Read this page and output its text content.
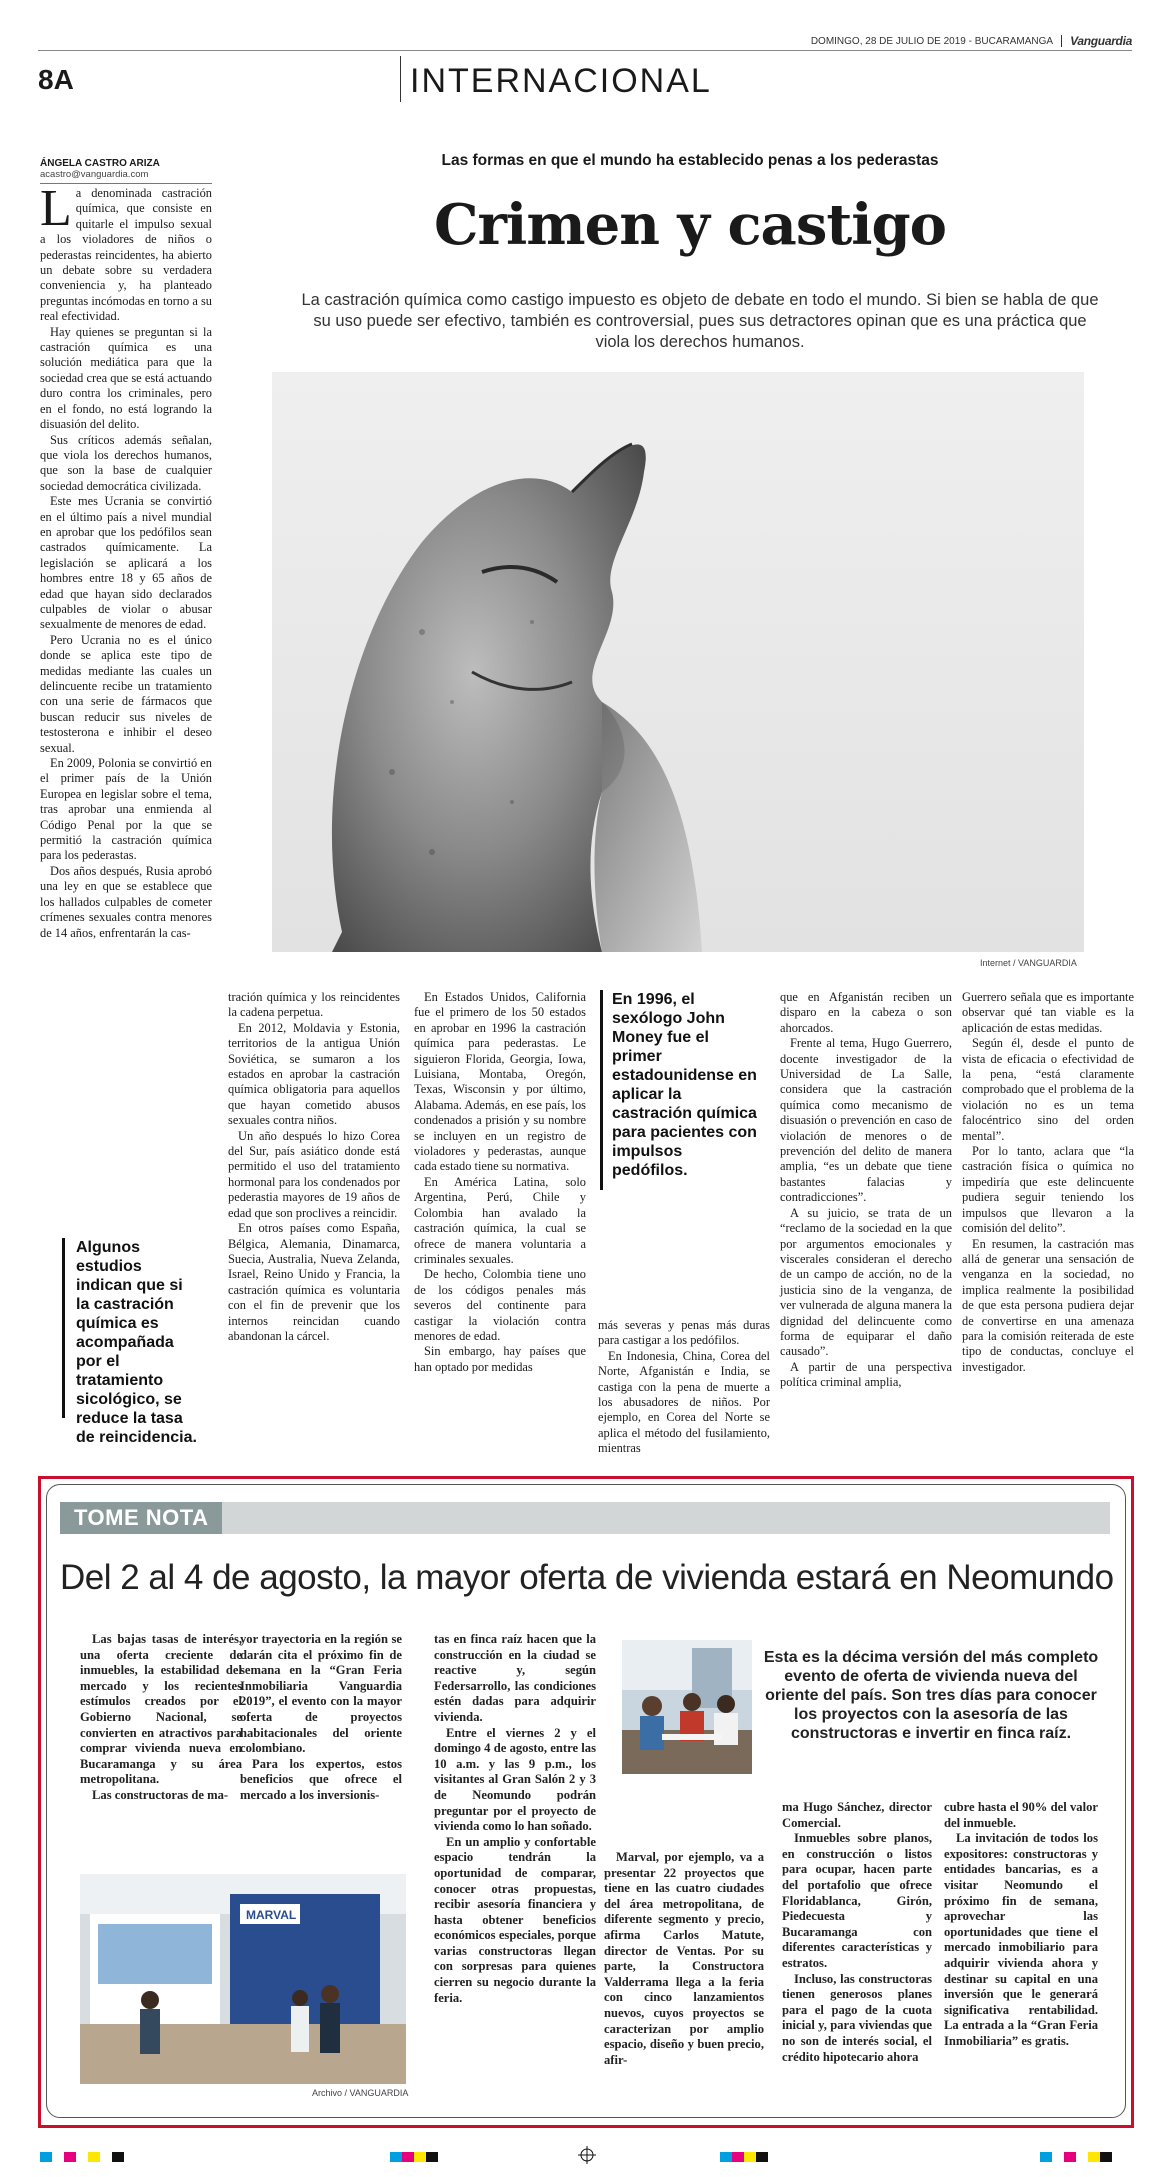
DOMINGO, 28 DE JULIO DE 2019 - BUCARAMANGA Vanguardia
8A	INTERNACIONAL
ÁNGELA CASTRO ARIZA
acastro@vanguardia.com
Las formas en que el mundo ha establecido penas a los pederastas
Crimen y castigo
La castración química como castigo impuesto es objeto de debate en todo el mundo. Si bien se habla de que su uso puede ser efectivo, también es controversial, pues sus detractores opinan que es una práctica que viola los derechos humanos.
Internet / VANGUARDIA

La denominada castración química, que consiste en quitarle el impulso sexual a los violadores de niños o pederastas reincidentes, ha abierto un debate sobre su verdadera conveniencia y, ha planteado preguntas incómodas en torno a su real efectividad.

Hay quienes se preguntan si la castración química es una solución mediática para que la sociedad crea que se está actuando duro contra los criminales, pero en el fondo, no está logrando la disuasión del delito.

Sus críticos además señalan, que viola los derechos humanos, que son la base de cualquier sociedad democrática civilizada.

Este mes Ucrania se convirtió en el último país a nivel mundial en aprobar que los pedófilos sean castrados químicamente. La legislación se aplicará a los hombres entre 18 y 65 años de edad que hayan sido declarados culpables de violar o abusar sexualmente de menores de edad.

Pero Ucrania no es el único donde se aplica este tipo de medidas mediante las cuales un delincuente recibe un tratamiento con una serie de fármacos que buscan reducir sus niveles de testosterona e inhibir el deseo sexual.

En 2009, Polonia se convirtió en el primer país de la Unión Europea en legislar sobre el tema, tras aprobar una enmienda al Código Penal por la que se permitió la castración química para los pederastas.

Dos años después, Rusia aprobó una ley en que se establece que los hallados culpables de cometer crímenes sexuales contra menores de 14 años, enfrentarán la cas-

Algunos estudios indican que si la castración química es acompañada por el tratamiento sicológico, se reduce la tasa de reincidencia.

tración química y los reincidentes la cadena perpetua.

En 2012, Moldavia y Estonia, territorios de la antigua Unión Soviética, se sumaron a los estados en aprobar la castración química obligatoria para aquellos que hayan cometido abusos sexuales contra niños.

Un año después lo hizo Corea del Sur, país asiático donde está permitido el uso del tratamiento hormonal para los condenados por pederastia mayores de 19 años de edad que son proclives a reincidir.

En otros países como España, Bélgica, Alemania, Dinamarca, Suecia, Australia, Nueva Zelanda, Israel, Reino Unido y Francia, la castración química es voluntaria con el fin de prevenir que los internos reincidan cuando abandonan la cárcel.

En Estados Unidos, California fue el primero de los 50 estados en aprobar en 1996 la castración química para pederastas. Le siguieron Florida, Georgia, Iowa, Luisiana, Montaba, Oregón, Texas, Wisconsin y por último, Alabama. Además, en ese país, los condenados a prisión y su nombre se incluyen en un registro de violadores y pederastas, aunque cada estado tiene su normativa.

En América Latina, solo Argentina, Perú, Chile y Colombia han avalado la castración química, la cual se ofrece de manera voluntaria a criminales sexuales.

De hecho, Colombia tiene uno de los códigos penales más severos del continente para castigar la violación contra menores de edad.

Sin embargo, hay países que han optado por medidas

En 1996, el sexólogo John Money fue el primer estadounidense en aplicar la castración química para pacientes con impulsos pedófilos.

más severas y penas más duras para castigar a los pedófilos.

En Indonesia, China, Corea del Norte, Afganistán e India, se castiga con la pena de muerte a los abusadores de niños. Por ejemplo, en Corea del Norte se aplica el método del fusilamiento, mientras

que en Afganistán reciben un disparo en la cabeza o son ahorcados.

Frente al tema, Hugo Guerrero, docente investigador de la Universidad de La Salle, considera que la castración química como mecanismo de disuasión o prevención en caso de violación de menores o de prevención del delito de manera amplia, “es un debate que tiene bastantes falacias y contradicciones”.

A su juicio, se trata de un “reclamo de la sociedad en la que por argumentos emocionales y viscerales consideran el derecho de un campo de acción, no de la justicia sino de la venganza, de ver vulnerada de alguna manera la dignidad del delincuente como forma de equiparar el daño causado”.

A partir de una perspectiva política criminal amplia,

Guerrero señala que es importante observar qué tan viable es la aplicación de estas medidas.

Según él, desde el punto de vista de eficacia o efectividad de la pena, “está claramente comprobado que el problema de la violación no es un tema falocéntrico sino del orden mental”.

Por lo tanto, aclara que “la castración física o química no impediría que este delincuente pudiera seguir teniendo los impulsos que llevaron a la comisión del delito”.

En resumen, la castración mas allá de generar una sensación de venganza en la sociedad, no implica realmente la posibilidad de que esta persona pudiera dejar de convertirse en una amenaza para la comisión reiterada de este tipo de conductas, concluye el investigador.

TOME NOTA
Del 2 al 4 de agosto, la mayor oferta de vivienda estará en Neomundo

Las bajas tasas de interés, una oferta creciente de inmuebles, la estabilidad del mercado y los recientes estímulos creados por el Gobierno Nacional, se convierten en atractivos para comprar vivienda nueva en Bucaramanga y su área metropolitana.

Las constructoras de ma-

yor trayectoria en la región se darán cita el próximo fin de semana en la “Gran Feria Inmobiliaria Vanguardia 2019”, el evento con la mayor oferta de proyectos habitacionales del oriente colombiano.

Para los expertos, estos beneficios que ofrece el mercado a los inversionis-

tas en finca raíz hacen que la construcción en la ciudad se reactive y, según Federsarrollo, las condiciones estén dadas para adquirir vivienda.

Entre el viernes 2 y el domingo 4 de agosto, entre las 10 a.m. y las 9 p.m., los visitantes al Gran Salón 2 y 3 de Neomundo podrán preguntar por el proyecto de vivienda como lo han soñado.

En un amplio y confortable espacio tendrán la oportunidad de comparar, conocer otras propuestas, recibir asesoría financiera y hasta obtener beneficios económicos especiales, porque varias constructoras llegan con sorpresas para quienes cierren su negocio durante la feria.

Marval, por ejemplo, va a presentar 22 proyectos que tiene en las cuatro ciudades del área metropolitana, de diferente segmento y precio, afirma Carlos Matute, director de Ventas. Por su parte, la Constructora Valderrama llega a la feria con cinco lanzamientos nuevos, cuyos proyectos se caracterizan por amplio espacio, diseño y buen precio, afir-

ma Hugo Sánchez, director Comercial.

Inmuebles sobre planos, en construcción o listos para ocupar, hacen parte del portafolio que ofrece Floridablanca, Girón, Piedecuesta y Bucaramanga con diferentes características y estratos.

Incluso, las constructoras tienen generosos planes para el pago de la cuota inicial y, para viviendas que no son de interés social, el crédito hipotecario ahora

cubre hasta el 90% del valor del inmueble.

La invitación de todos los expositores: constructoras y entidades bancarias, es a visitar Neomundo el próximo fin de semana, aprovechar las oportunidades que tiene el mercado inmobiliario para adquirir vivienda ahora y destinar su capital en una inversión que le generará significativa rentabilidad. La entrada a la “Gran Feria Inmobiliaria” es gratis.

Esta es la décima versión del más completo evento de oferta de vivienda nueva del oriente del país. Son tres días para conocer los proyectos con la asesoría de las constructoras e invertir en finca raíz.
MARVAL
Archivo / VANGUARDIA
